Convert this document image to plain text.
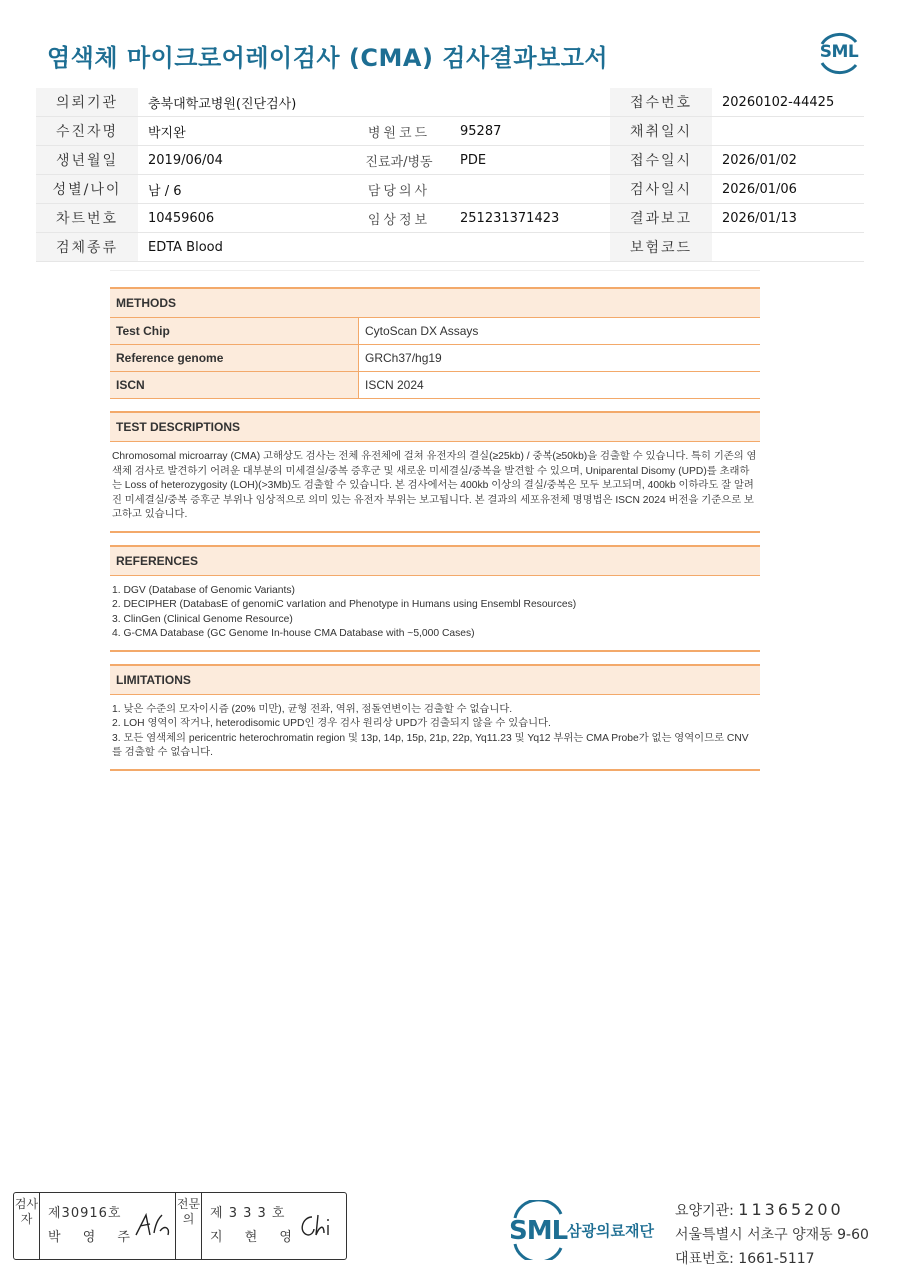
염색체 마이크로어레이검사 (CMA) 검사결과보고서	SML
의뢰기관	충북대학교병원(진단검사)			접수번호	20260102-44425
수진자명	박지완	병원코드	95287	채취일시	
생년월일	2019/06/04	진료과/병동	PDE	접수일시	2026/01/02
성별/나이	남 / 6	담당의사		검사일시	2026/01/06
차트번호	10459606	임상정보	251231371423	결과보고	2026/01/13
검체종류	EDTA Blood			보험코드	
METHODS
Test Chip	CytoScan DX Assays
Reference genome	GRCh37/hg19
ISCN	ISCN 2024
TEST DESCRIPTIONS

Chromosomal microarray (CMA) 고해상도 검사는 전체 유전체에 걸쳐 유전자의 결실(≥25kb) / 중복(≥50kb)을 검출할 수 있습니다. 특히 기존의 염색체 검사로 발견하기 어려운 대부분의 미세결실/중복 증후군 및 새로운 미세결실/중복을 발견할 수 있으며, Uniparental Disomy (UPD)를 초래하는 Loss of heterozygosity (LOH)(>3Mb)도 검출할 수 있습니다. 본 검사에서는 400kb 이상의 결실/중복은 모두 보고되며, 400kb 이하라도 잘 알려진 미세결실/중복 증후군 부위나 임상적으로 의미 있는 유전자 부위는 보고됩니다. 본 결과의 세포유전체 명명법은 ISCN 2024 버전을 기준으로 보고하고 있습니다.

REFERENCES

1. DGV (Database of Genomic Variants)

2. DECIPHER (DatabasE of genomiC varIation and Phenotype in Humans using Ensembl Resources)

3. ClinGen (Clinical Genome Resource)

4. G-CMA Database (GC Genome In-house CMA Database with ~5,000 Cases)

LIMITATIONS

1. 낮은 수준의 모자이시즘 (20% 미만), 균형 전좌, 역위, 점돌연변이는 검출할 수 없습니다.

2. LOH 영역이 작거나, heterodisomic UPD인 경우 검사 원리상 UPD가 검출되지 않을 수 있습니다.

3. 모든 염색체의 pericentric heterochromatin region 및 13p, 14p, 15p, 21p, 22p, Yq11.23 및 Yq12 부위는 CMA Probe가 없는 영역이므로 CNV를 검출할 수 없습니다.

검사자	제30916호
박 영 주
전문의	제 3 3 3 호
지 현 영	SML 삼광의료재단
요양기관: 11365200
서울특별시 서초구 양재동 9-60
대표번호: 1661-5117
